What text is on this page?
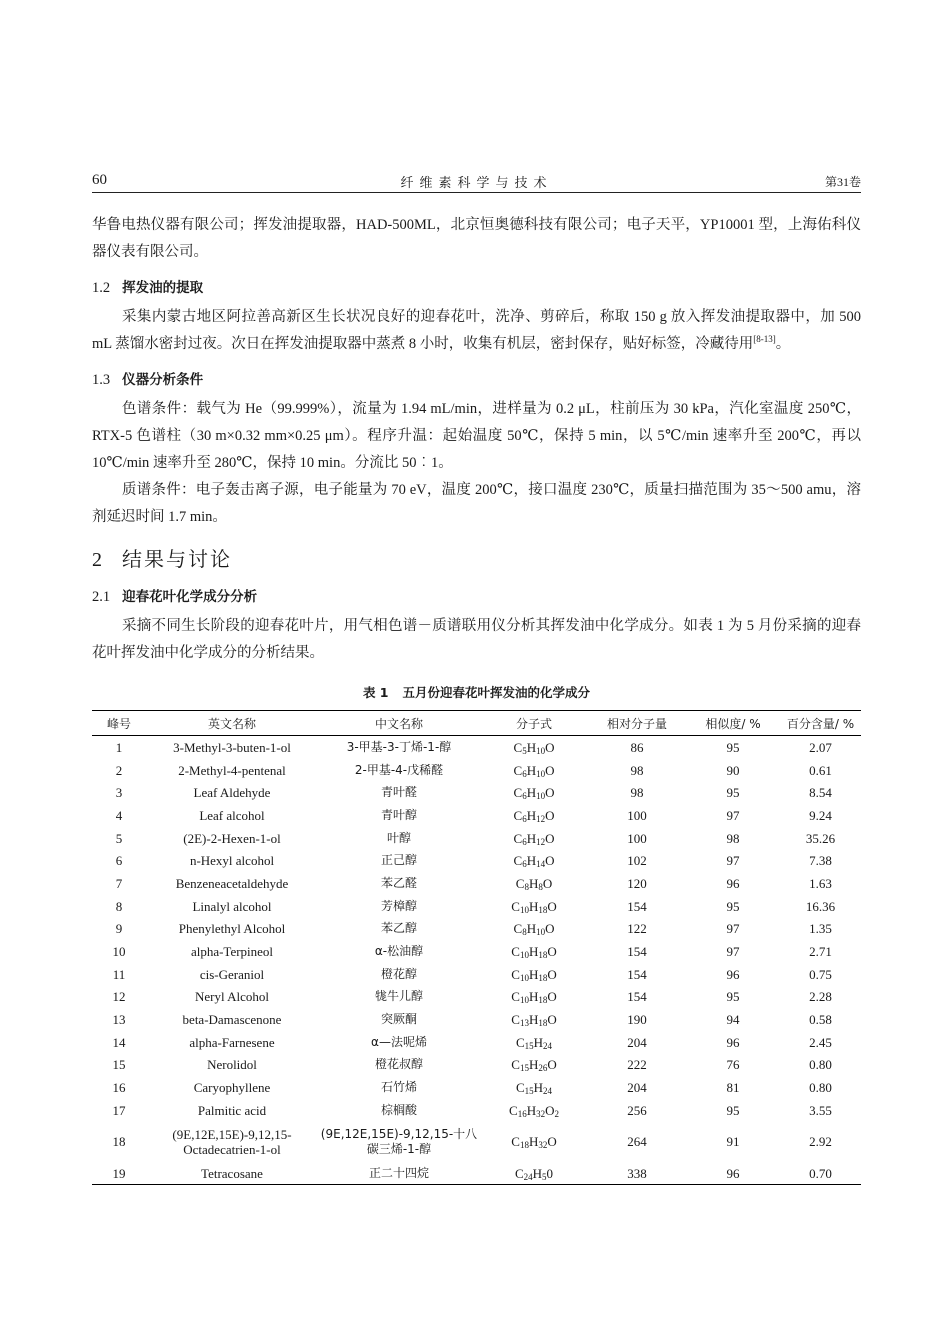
60	纤维素科学与技术	第31卷

华鲁电热仪器有限公司；挥发油提取器，HAD-500ML，北京恒奥德科技有限公司；电子天平，YP10001 型，上海佑科仪器仪表有限公司。

1.2 挥发油的提取

采集内蒙古地区阿拉善高新区生长状况良好的迎春花叶，洗净、剪碎后，称取 150 g 放入挥发油提取器中，加 500 mL 蒸馏水密封过夜。次日在挥发油提取器中蒸煮 8 小时，收集有机层，密封保存，贴好标签，冷藏待用[8-13]。

1.3 仪器分析条件

色谱条件：载气为 He（99.999%），流量为 1.94 mL/min，进样量为 0.2 μL，柱前压为 30 kPa，汽化室温度 250℃，RTX-5 色谱柱（30 m×0.32 mm×0.25 μm）。程序升温：起始温度 50℃，保持 5 min，以 5℃/min 速率升至 200℃，再以 10℃/min 速率升至 280℃，保持 10 min。分流比 50︰1。

质谱条件：电子轰击离子源，电子能量为 70 eV，温度 200℃，接口温度 230℃，质量扫描范围为 35～500 amu，溶剂延迟时间 1.7 min。

2 结果与讨论
2.1 迎春花叶化学成分分析

采摘不同生长阶段的迎春花叶片，用气相色谱－质谱联用仪分析其挥发油中化学成分。如表 1 为 5 月份采摘的迎春花叶挥发油中化学成分的分析结果。

表 1 五月份迎春花叶挥发油的化学成分
峰号	英文名称	中文名称	分子式	相对分子量	相似度/ %	百分含量/ %
1	3-Methyl-3-buten-1-ol	3-甲基-3-丁烯-1-醇	$C_5H_{10}O$	86	95	2.07
2	2-Methyl-4-pentenal	2-甲基-4-戊稀醛	$C_6H_{10}O$	98	90	0.61
3	Leaf Aldehyde	青叶醛	$C_6H_{10}O$	98	95	8.54
4	Leaf alcohol	青叶醇	$C_6H_{12}O$	100	97	9.24
5	(2E)-2-Hexen-1-ol	叶醇	$C_6H_{12}O$	100	98	35.26
6	n-Hexyl alcohol	正己醇	$C_6H_{14}O$	102	97	7.38
7	Benzeneacetaldehyde	苯乙醛	$C_8H_8O$	120	96	1.63
8	Linalyl alcohol	芳樟醇	$C_{10}H_{18}O$	154	95	16.36
9	Phenylethyl Alcohol	苯乙醇	$C_8H_{10}O$	122	97	1.35
10	alpha-Terpineol	α-松油醇	$C_{10}H_{18}O$	154	97	2.71
11	cis-Geraniol	橙花醇	$C_{10}H_{18}O$	154	96	0.75
12	Neryl Alcohol	牻牛儿醇	$C_{10}H_{18}O$	154	95	2.28
13	beta-Damascenone	突厥酮	$C_{13}H_{18}O$	190	94	0.58
14	alpha-Farnesene	α—法呢烯	$C_{15}H_{24}$	204	96	2.45
15	Nerolidol	橙花叔醇	$C_{15}H_{26}O$	222	76	0.80
16	Caryophyllene	石竹烯	$C_{15}H_{24}$	204	81	0.80
17	Palmitic acid	棕榈酸	$C_{16}H_{32}O_2$	256	95	3.55
18	(9E,12E,15E)-9,12,15-Octadecatrien-1-ol	(9E,12E,15E)-9,12,15-十八碳三烯-1-醇	$C_{18}H_{32}O$	264	91	2.92
19	Tetracosane	正二十四烷	$C_{24}H_50$	338	96	0.70
